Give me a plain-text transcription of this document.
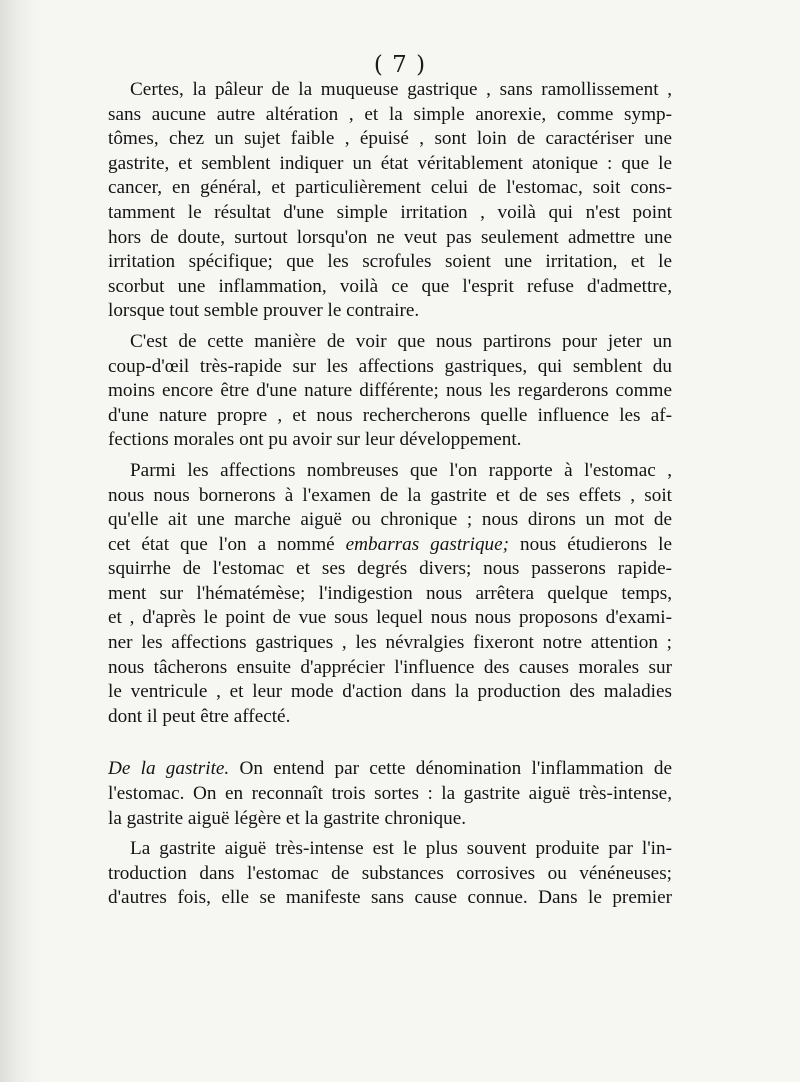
( 7 )
Certes, la pâleur de la muqueuse gastrique , sans ramollissement ,
sans aucune autre altération , et la simple anorexie, comme symp-
tômes, chez un sujet faible , épuisé , sont loin de caractériser une
gastrite, et semblent indiquer un état véritablement atonique : que le
cancer, en général, et particulièrement celui de l'estomac, soit cons-
tamment le résultat d'une simple irritation , voilà qui n'est point
hors de doute, surtout lorsqu'on ne veut pas seulement admettre une
irritation spécifique; que les scrofules soient une irritation, et le
scorbut une inflammation, voilà ce que l'esprit refuse d'admettre,
lorsque tout semble prouver le contraire.
C'est de cette manière de voir que nous partirons pour jeter un
coup-d'œil très-rapide sur les affections gastriques, qui semblent du
moins encore être d'une nature différente; nous les regarderons comme
d'une nature propre , et nous rechercherons quelle influence les af-
fections morales ont pu avoir sur leur développement.
Parmi les affections nombreuses que l'on rapporte à l'estomac ,
nous nous bornerons à l'examen de la gastrite et de ses effets , soit
qu'elle ait une marche aiguë ou chronique ; nous dirons un mot de
cet état que l'on a nommé embarras gastrique; nous étudierons le
squirrhe de l'estomac et ses degrés divers; nous passerons rapide-
ment sur l'hématémèse; l'indigestion nous arrêtera quelque temps,
et , d'après le point de vue sous lequel nous nous proposons d'exami-
ner les affections gastriques , les névralgies fixeront notre attention ;
nous tâcherons ensuite d'apprécier l'influence des causes morales sur
le ventricule , et leur mode d'action dans la production des maladies
dont il peut être affecté.
De la gastrite. On entend par cette dénomination l'inflammation de
l'estomac. On en reconnaît trois sortes : la gastrite aiguë très-intense,
la gastrite aiguë légère et la gastrite chronique.
La gastrite aiguë très-intense est le plus souvent produite par l'in-
troduction dans l'estomac de substances corrosives ou vénéneuses;
d'autres fois, elle se manifeste sans cause connue. Dans le premier
